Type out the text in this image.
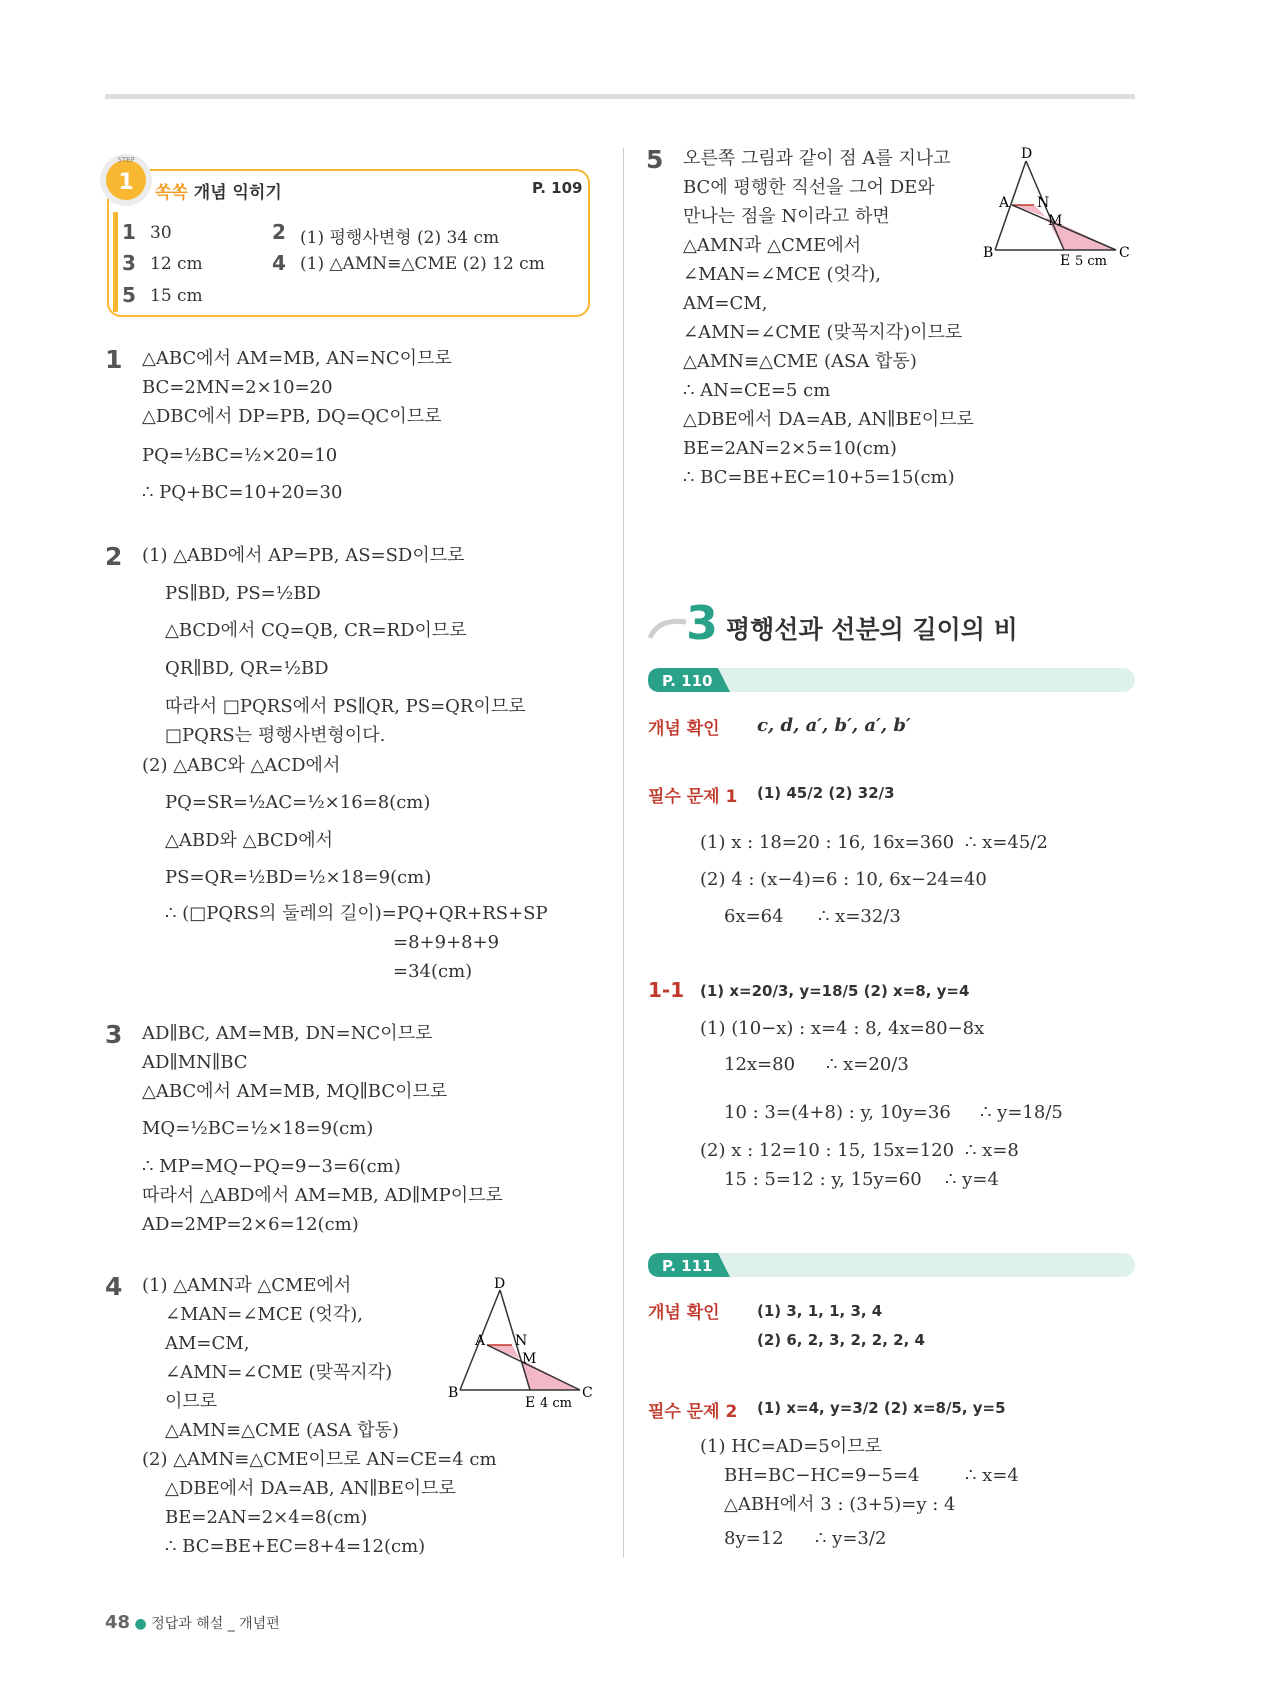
STEP
1 쏙쏙 개념 익히기	P. 109
1 30	2 (1) 평행사변형 (2) 34 cm
3 12 cm	4 (1) △AMN≡△CME (2) 12 cm
5 15 cm
1 △ABC에서 AM=MB, AN=NC이므로
BC=2MN=2×10=20
△DBC에서 DP=PB, DQ=QC이므로
PQ=½BC=½×20=10
∴ PQ+BC=10+20=30
2 (1) △ABD에서 AP=PB, AS=SD이므로
PS∥BD, PS=½BD
△BCD에서 CQ=QB, CR=RD이므로
QR∥BD, QR=½BD
따라서 □PQRS에서 PS∥QR, PS=QR이므로
□PQRS는 평행사변형이다.
(2) △ABC와 △ACD에서
PQ=SR=½AC=½×16=8(cm)
△ABD와 △BCD에서
PS=QR=½BD=½×18=9(cm)
∴ (□PQRS의 둘레의 길이)=PQ+QR+RS+SP
=8+9+8+9
=34(cm)
3 AD∥BC, AM=MB, DN=NC이므로
AD∥MN∥BC
△ABC에서 AM=MB, MQ∥BC이므로
MQ=½BC=½×18=9(cm)
∴ MP=MQ−PQ=9−3=6(cm)
따라서 △ABD에서 AM=MB, AD∥MP이므로
AD=2MP=2×6=12(cm)
4 (1) △AMN과 △CME에서
∠MAN=∠MCE (엇각),
AM=CM,
∠AMN=∠CME (맞꼭지각)
이므로
△AMN≡△CME (ASA 합동)
(2) △AMN≡△CME이므로 AN=CE=4 cm
△DBE에서 DA=AB, AN∥BE이므로
BE=2AN=2×4=8(cm)
∴ BC=BE+EC=8+4=12(cm)
D
A N
M
B
E
C
4 cm
5 오른쪽 그림과 같이 점 A를 지나고
BC에 평행한 직선을 그어 DE와
만나는 점을 N이라고 하면
△AMN과 △CME에서
∠MAN=∠MCE (엇각),
AM=CM,
∠AMN=∠CME (맞꼭지각)이므로
△AMN≡△CME (ASA 합동)
∴ AN=CE=5 cm
△DBE에서 DA=AB, AN∥BE이므로
BE=2AN=2×5=10(cm)
∴ BC=BE+EC=10+5=15(cm)
D
A N
M
B	E	C
5 cm
3 평행선과 선분의 길이의 비
P. 110
개념 확인 c, d, a′, b′, a′, b′
필수 문제 1 (1) 45/2 (2) 32/3
(1) x : 18=20 : 16, 16x=360 ∴ x=45/2
(2) 4 : (x−4)=6 : 10, 6x−24=40
6x=64 ∴ x=32/3
1-1 (1) x=20/3, y=18/5 (2) x=8, y=4
(1) (10−x) : x=4 : 8, 4x=80−8x
12x=80 ∴ x=20/3
10 : 3=(4+8) : y, 10y=36 ∴ y=18/5
(2) x : 12=10 : 15, 15x=120 ∴ x=8
15 : 5=12 : y, 15y=60 ∴ y=4
P. 111
개념 확인 (1) 3, 1, 1, 3, 4
(2) 6, 2, 3, 2, 2, 2, 4
필수 문제 2 (1) x=4, y=3/2 (2) x=8/5, y=5
(1) HC=AD=5이므로
BH=BC−HC=9−5=4	∴ x=4
△ABH에서 3 : (3+5)=y : 4
8y=12 ∴ y=3/2
48 ● 정답과 해설 _ 개념편
